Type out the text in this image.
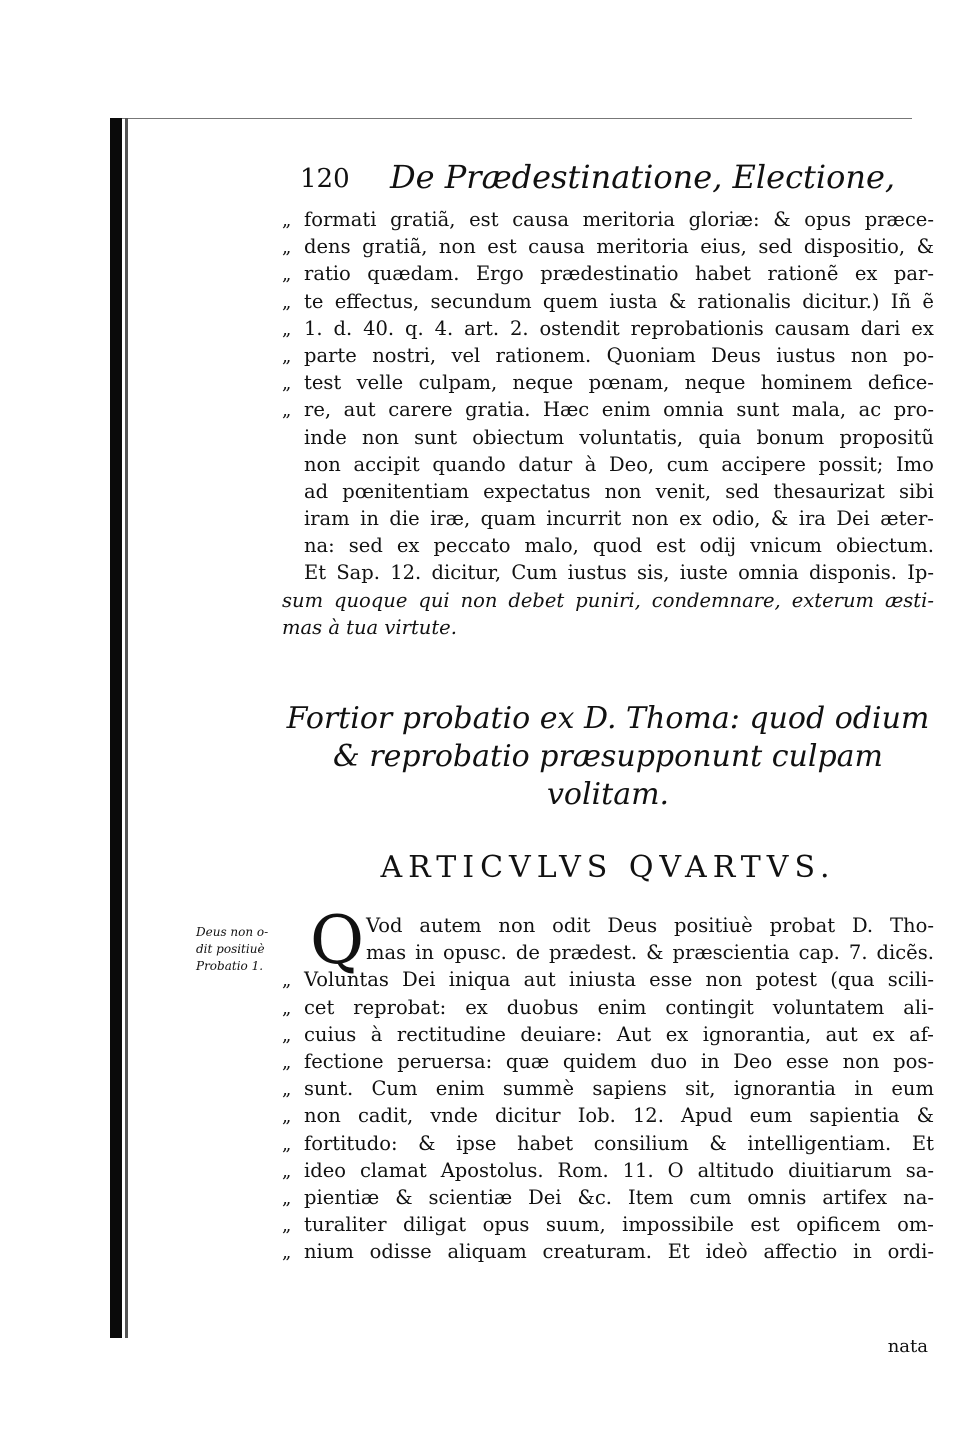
120 De Prædestinatione, Electione,
„ formati gratiã, est causa meritoria gloriæ: & opus præce-
„ dens gratiã, non est causa meritoria eius, sed dispositio, &
„ ratio quædam. Ergo prædestinatio habet rationẽ ex par-
„ te effectus, secundum quem iusta & rationalis dicitur.) Iñ ẽ
„ 1. d. 40. q. 4. art. 2. ostendit reprobationis causam dari ex
„ parte nostri, vel rationem. Quoniam Deus iustus non po-
„ test velle culpam, neque pœnam, neque hominem defice-
„ re, aut carere gratia. Hæc enim omnia sunt mala, ac pro-
inde non sunt obiectum voluntatis, quia bonum propositũ
non accipit quando datur à Deo, cum accipere possit; Imo
ad pœnitentiam expectatus non venit, sed thesaurizat sibi
iram in die iræ, quam incurrit non ex odio, & ira Dei æter-
na: sed ex peccato malo, quod est odij vnicum obiectum.
Et Sap. 12. dicitur, Cum iustus sis, iuste omnia disponis. Ip-
sum quoque qui non debet puniri, condemnare, exterum æsti-
mas à tua virtute.
Fortior probatio ex D. Thoma: quod odium
& reprobatio præsupponunt culpam
volitam.
ARTICVLVS QVARTVS.
Deus non o-
dit positiuè
Probatio 1. Q Vod autem non odit Deus positiuè probat D. Tho-
mas in opusc. de prædest. & præscientia cap. 7. dicẽs.
„ Voluntas Dei iniqua aut iniusta esse non potest (qua scili-
„ cet reprobat: ex duobus enim contingit voluntatem ali-
„ cuius à rectitudine deuiare: Aut ex ignorantia, aut ex af-
„ fectione peruersa: quæ quidem duo in Deo esse non pos-
„ sunt. Cum enim summè sapiens sit, ignorantia in eum
„ non cadit, vnde dicitur Iob. 12. Apud eum sapientia &
„ fortitudo: & ipse habet consilium & intelligentiam. Et
„ ideo clamat Apostolus. Rom. 11. O altitudo diuitiarum sa-
„ pientiæ & scientiæ Dei &c. Item cum omnis artifex na-
„ turaliter diligat opus suum, impossibile est opificem om-
„ nium odisse aliquam creaturam. Et ideò affectio in ordi-
nata
